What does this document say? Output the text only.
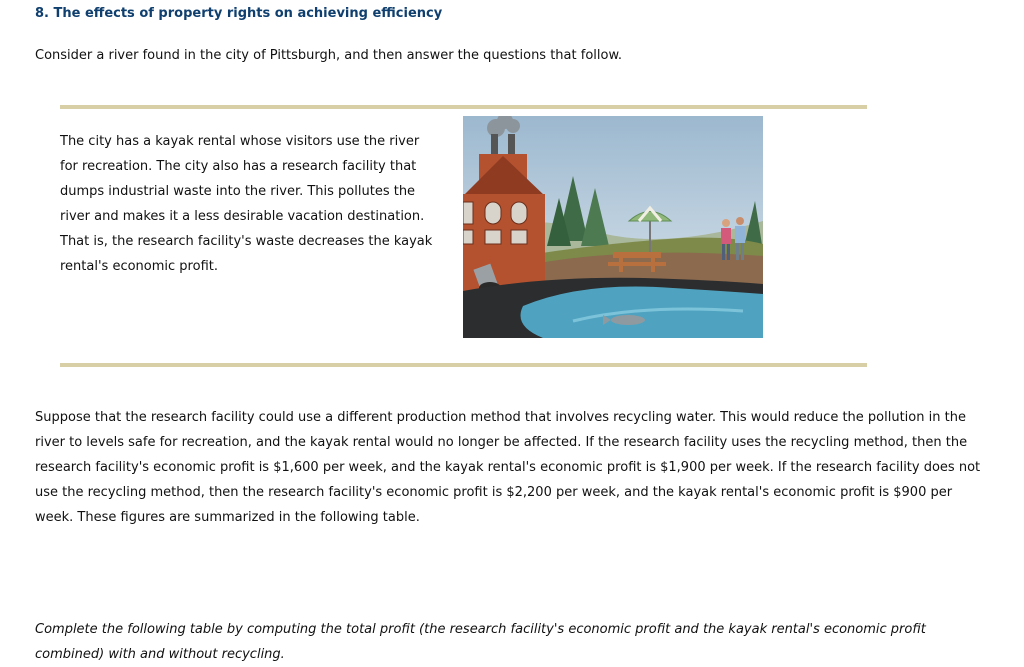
8. The effects of property rights on achieving efficiency

Consider a river found in the city of Pittsburgh, and then answer the questions that follow.

The city has a kayak rental whose visitors use the river for recreation. The city also has a research facility that dumps industrial waste into the river. This pollutes the river and makes it a less desirable vacation destination. That is, the research facility's waste decreases the kayak rental's economic profit.

Suppose that the research facility could use a different production method that involves recycling water. This would reduce the pollution in the river to levels safe for recreation, and the kayak rental would no longer be affected. If the research facility uses the recycling method, then the research facility's economic profit is $1,600 per week, and the kayak rental's economic profit is $1,900 per week. If the research facility does not use the recycling method, then the research facility's economic profit is $2,200 per week, and the kayak rental's economic profit is $900 per week. These figures are summarized in the following table.

Complete the following table by computing the total profit (the research facility's economic profit and the kayak rental's economic profit combined) with and without recycling.
